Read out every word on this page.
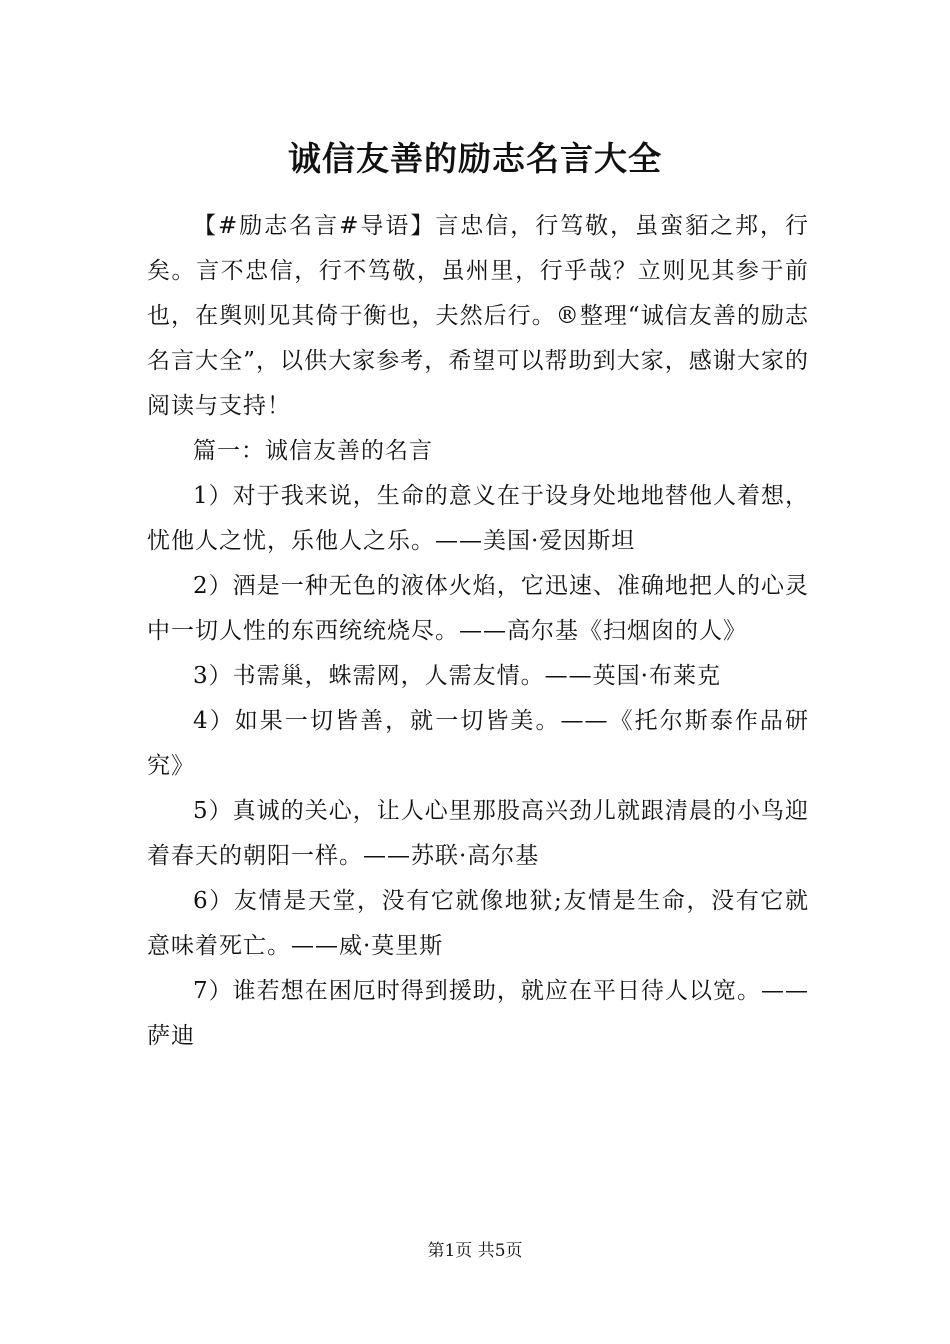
诚信友善的励志名言大全

【#励志名言#导语】言忠信，行笃敬，虽蛮貊之邦，行矣。言不忠信，行不笃敬，虽州里，行乎哉？立则见其参于前也，在舆则见其倚于衡也，夫然后行。®整理“诚信友善的励志名言大全”，以供大家参考，希望可以帮助到大家，感谢大家的阅读与支持！

篇一：诚信友善的名言

1）对于我来说，生命的意义在于设身处地地替他人着想，忧他人之忧，乐他人之乐。——美国·爱因斯坦

2）酒是一种无色的液体火焰，它迅速、准确地把人的心灵中一切人性的东西统统烧尽。——高尔基《扫烟囱的人》

3）书需巢，蛛需网，人需友情。——英国·布莱克

4）如果一切皆善，就一切皆美。——《托尔斯泰作品研究》

5）真诚的关心，让人心里那股高兴劲儿就跟清晨的小鸟迎着春天的朝阳一样。——苏联·高尔基

6）友情是天堂，没有它就像地狱;友情是生命，没有它就意味着死亡。——威·莫里斯

7）谁若想在困厄时得到援助，就应在平日待人以宽。——萨迪

第1页 共5页
